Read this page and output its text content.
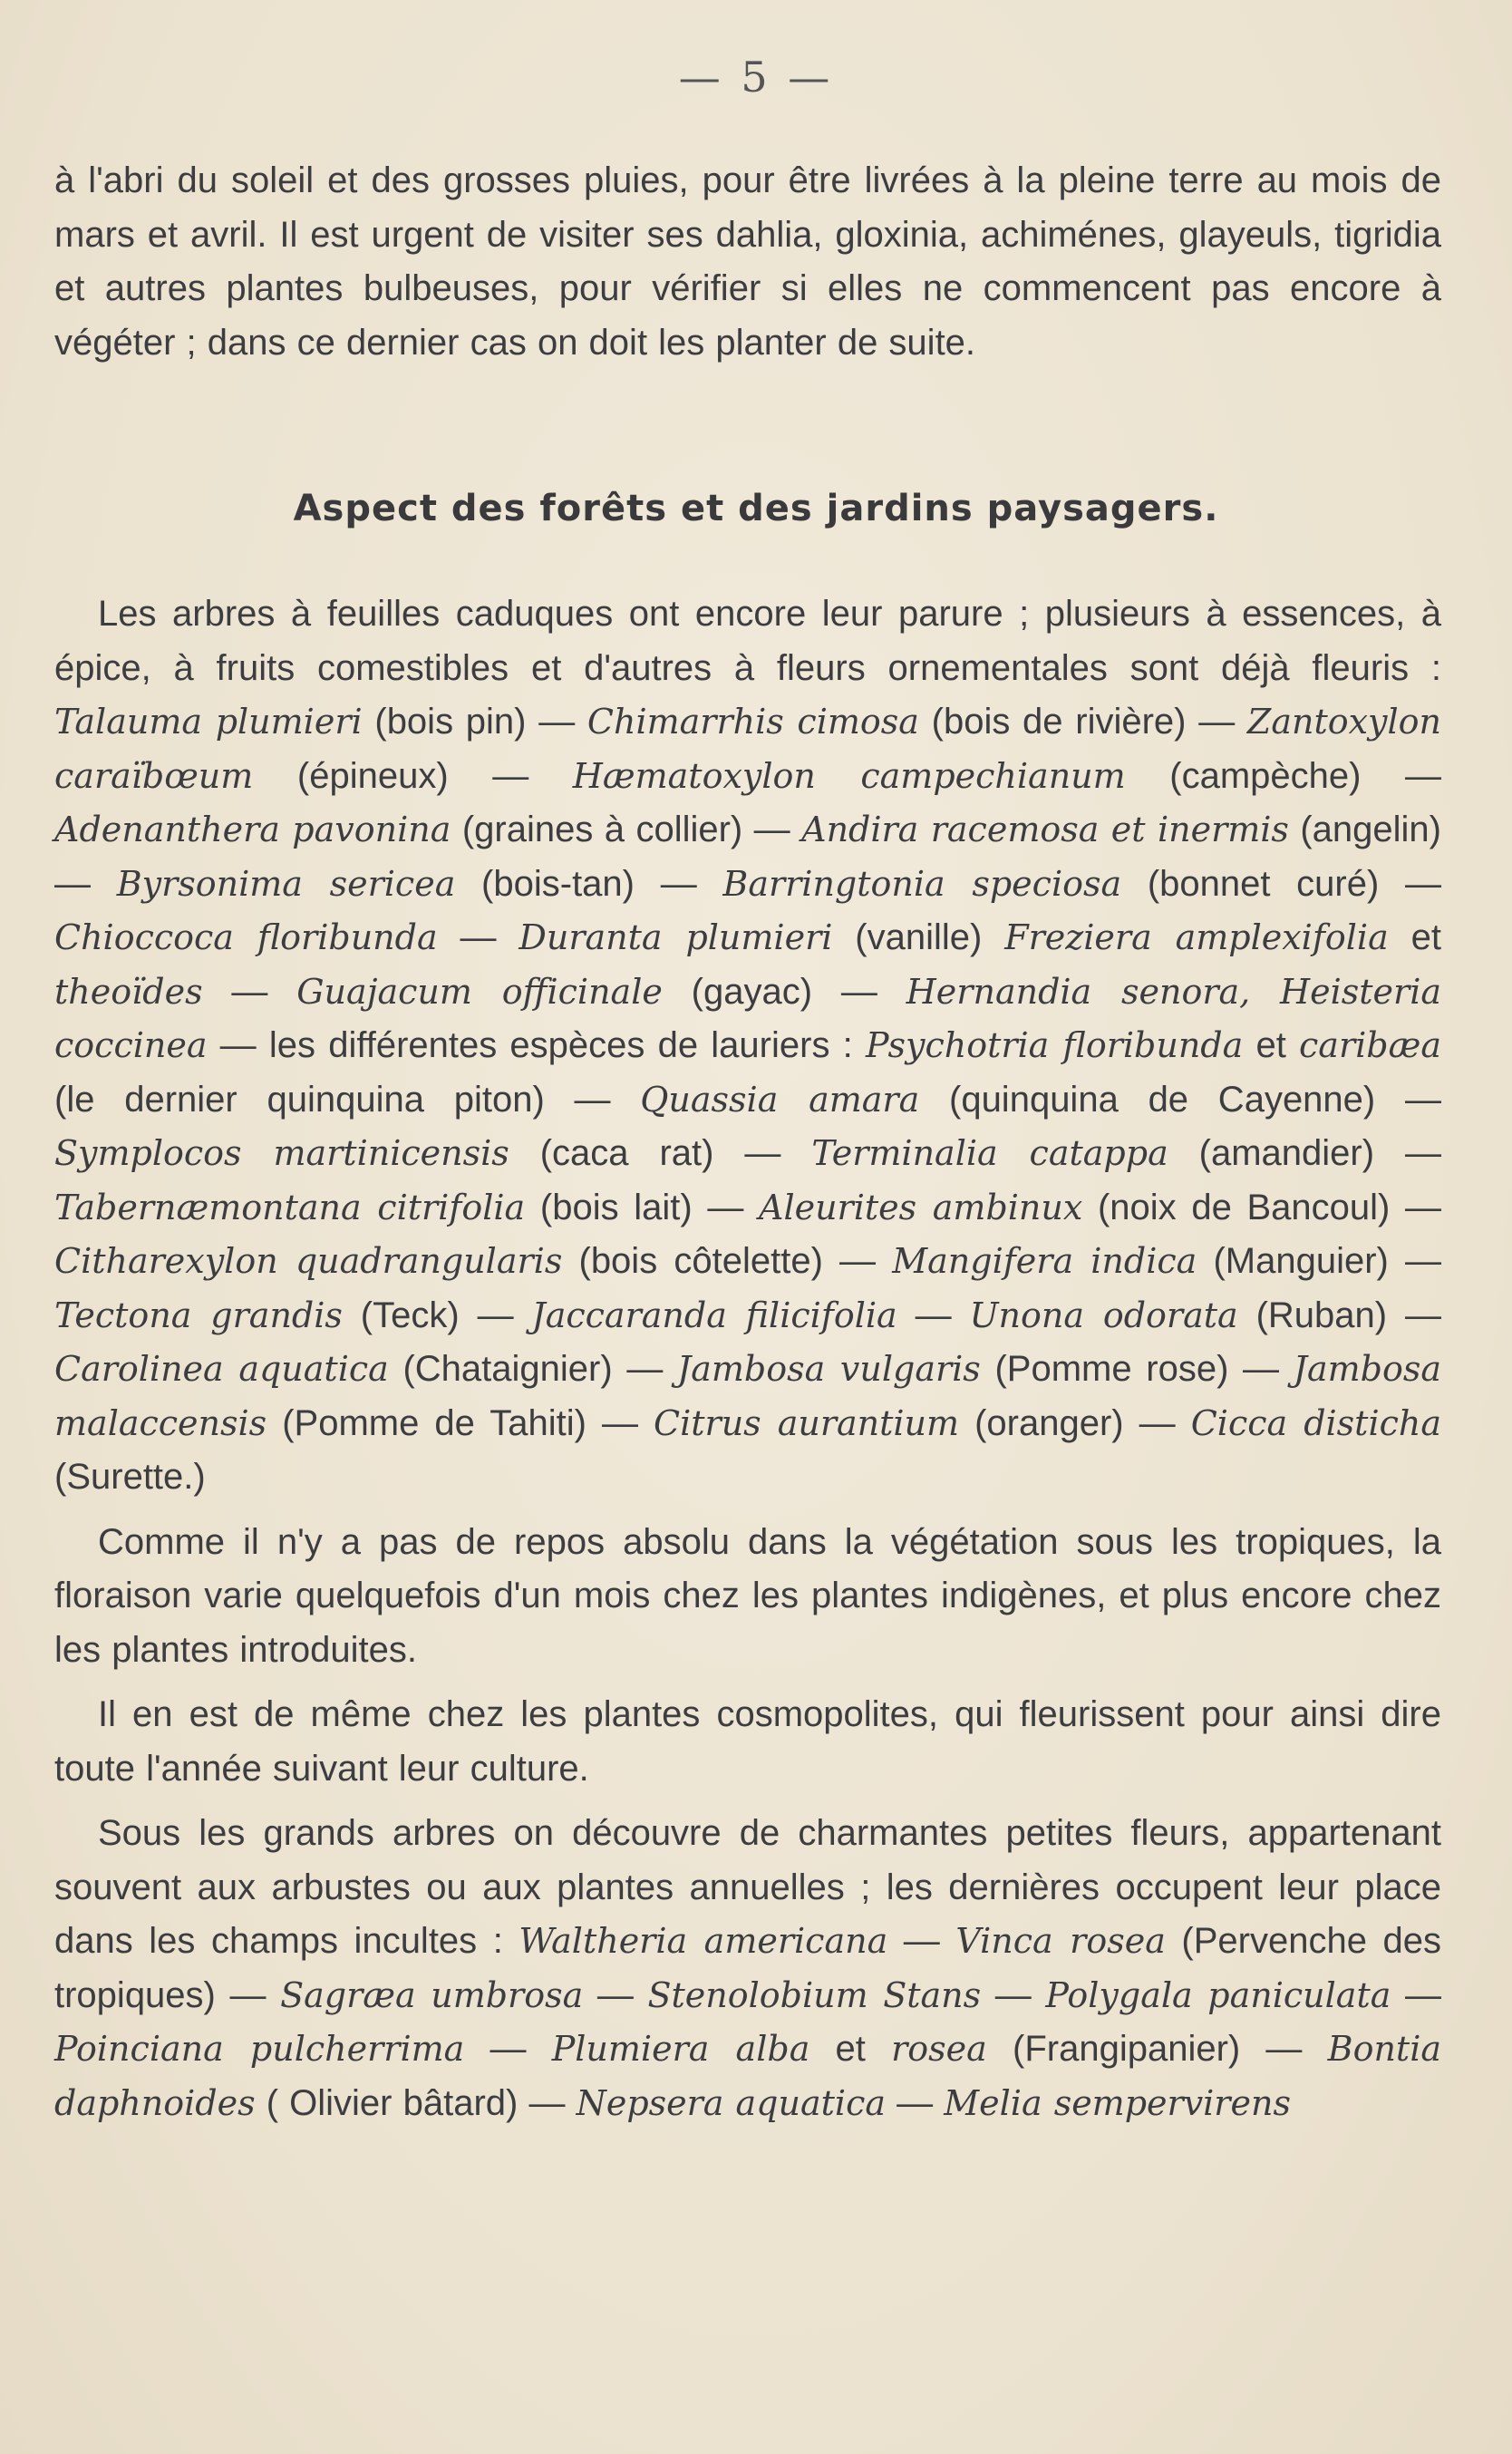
— 5 —

à l'abri du soleil et des grosses pluies, pour être livrées à la pleine terre au mois de mars et avril. Il est urgent de visiter ses dahlia, gloxinia, achiménes, glayeuls, tigridia et autres plantes bulbeuses, pour vérifier si elles ne commencent pas encore à végéter ; dans ce dernier cas on doit les planter de suite.

Aspect des forêts et des jardins paysagers.

Les arbres à feuilles caduques ont encore leur parure ; plusieurs à essences, à épice, à fruits comestibles et d'autres à fleurs ornementales sont déjà fleuris : Talauma plumieri (bois pin) — Chimarrhis cimosa (bois de rivière) — Zantoxylon caraïbœum (épineux) — Hæmatoxylon campechianum (campèche) — Adenanthera pavonina (graines à collier) — Andira racemosa et inermis (angelin) — Byrsonima sericea (bois-tan) — Barringtonia speciosa (bonnet curé) — Chioccoca floribunda — Duranta plumieri (vanille) Freziera amplexifolia et theoïdes — Guajacum officinale (gayac) — Hernandia senora, Heisteria coccinea — les différentes espèces de lauriers : Psychotria floribunda et caribæa (le dernier quinquina piton) — Quassia amara (quinquina de Cayenne) — Symplocos martinicensis (caca rat) — Terminalia catappa (amandier) — Tabernæmontana citrifolia (bois lait) — Aleurites ambinux (noix de Bancoul) — Citharexylon quadrangularis (bois côtelette) — Mangifera indica (Manguier) — Tectona grandis (Teck) — Jaccaranda filicifolia — Unona odorata (Ruban) — Carolinea aquatica (Chataignier) — Jambosa vulgaris (Pomme rose) — Jambosa malaccensis (Pomme de Tahiti) — Citrus aurantium (oranger) — Cicca disticha (Surette.)

Comme il n'y a pas de repos absolu dans la végétation sous les tropiques, la floraison varie quelquefois d'un mois chez les plantes indigènes, et plus encore chez les plantes introduites.

Il en est de même chez les plantes cosmopolites, qui fleurissent pour ainsi dire toute l'année suivant leur culture.

Sous les grands arbres on découvre de charmantes petites fleurs, appartenant souvent aux arbustes ou aux plantes annuelles ; les dernières occupent leur place dans les champs incultes : Waltheria americana — Vinca rosea (Pervenche des tropiques) — Sagræa umbrosa — Stenolobium Stans — Polygala paniculata — Poinciana pulcherrima — Plumiera alba et rosea (Frangipanier) — Bontia daphnoides ( Olivier bâtard) — Nepsera aquatica — Melia sempervirens
